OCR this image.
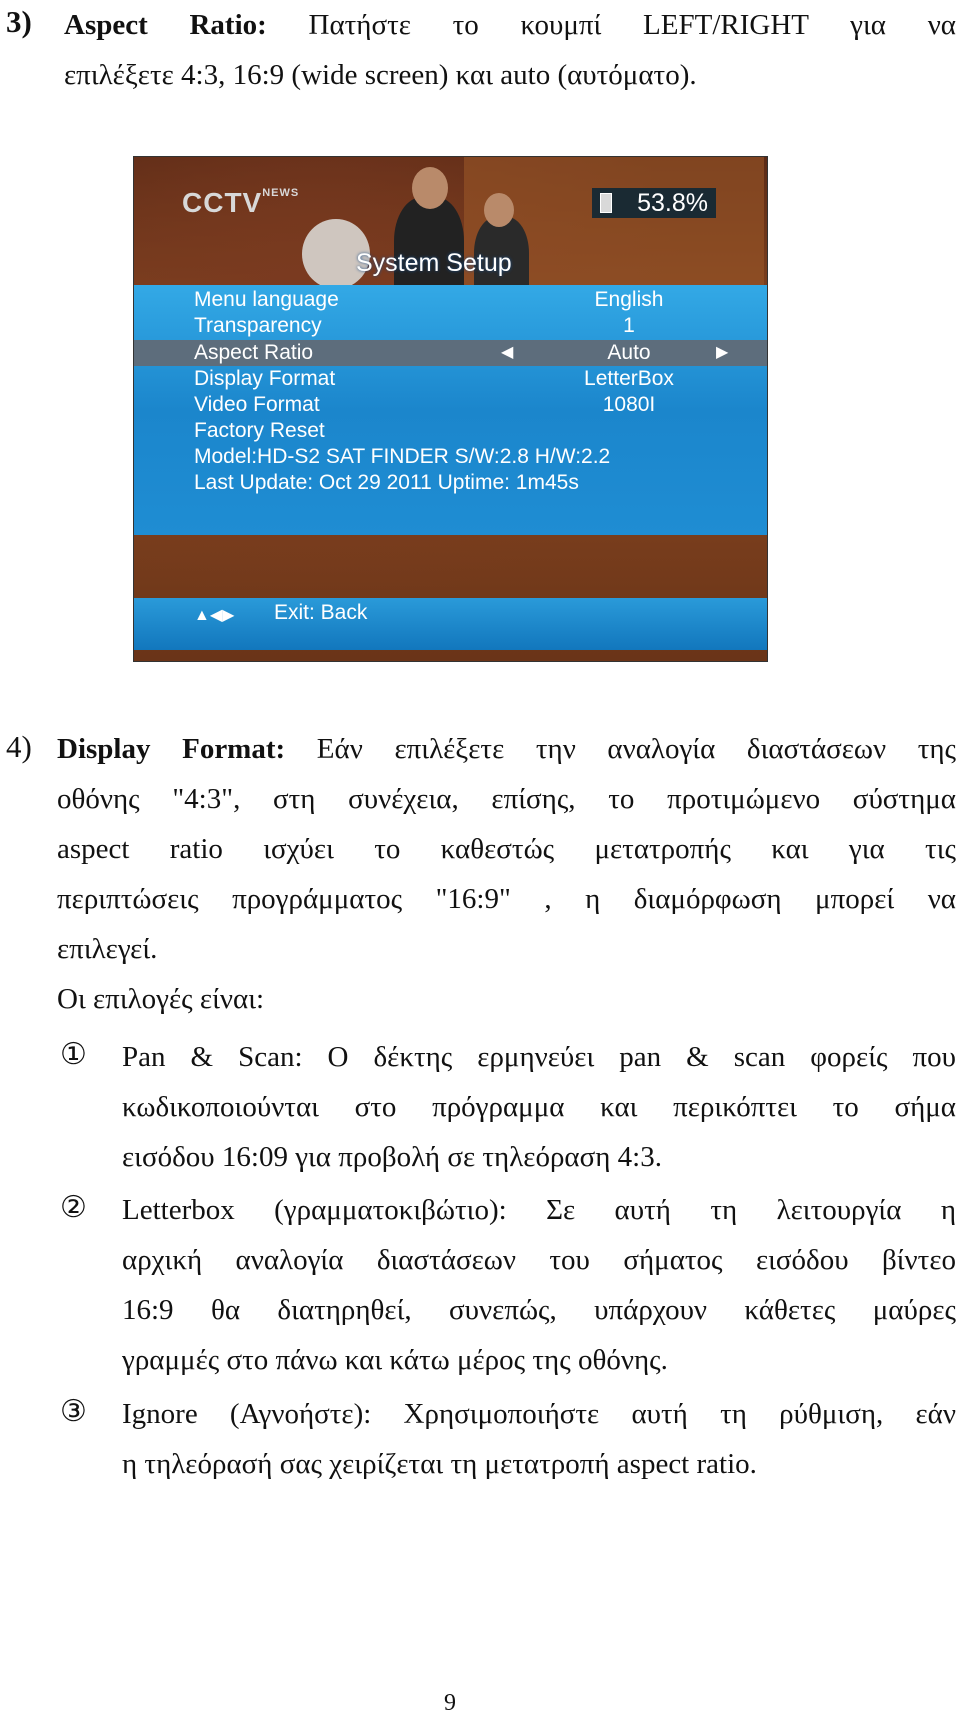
3) Aspect Ratio: Πατήστε το κουμπί LEFT/RIGHT για να
επιλέξετε 4:3, 16:9 (wide screen) και auto (αυτόματο).
$CCTV^{NEWS}$	53.8%
Menu language	English
Transparency	1
Aspect Ratio	◀	Auto	▶
Display Format	LetterBox
Video Format	1080I
Factory Reset
Model:HD-S2 SAT FINDER S/W:2.8 H/W:2.2
Last Update: Oct 29 2011 Uptime: 1m45s
System Setup
▲◀▶ Exit: Back
4) Display Format: Εάν επιλέξετε την αναλογία διαστάσεων της
οθόνης "4:3", στη συνέχεια, επίσης, το προτιμώμενο σύστημα
aspect ratio ισχύει το καθεστώς μετατροπής και για τις
περιπτώσεις προγράμματος "16:9" , η διαμόρφωση μπορεί να
επιλεγεί.
Οι επιλογές είναι:
① Pan & Scan: Ο δέκτης ερμηνεύει pan & scan φορείς που
κωδικοποιούνται στο πρόγραμμα και περικόπτει το σήμα
εισόδου 16:09 για προβολή σε τηλεόραση 4:3.
② Letterbox (γραμματοκιβώτιο): Σε αυτή τη λειτουργία η
αρχική αναλογία διαστάσεων του σήματος εισόδου βίντεο
16:9 θα διατηρηθεί, συνεπώς, υπάρχουν κάθετες μαύρες
γραμμές στο πάνω και κάτω μέρος της οθόνης.
③ Ignore (Αγνοήστε): Χρησιμοποιήστε αυτή τη ρύθμιση, εάν
η τηλεόρασή σας χειρίζεται τη μετατροπή aspect ratio.
9
